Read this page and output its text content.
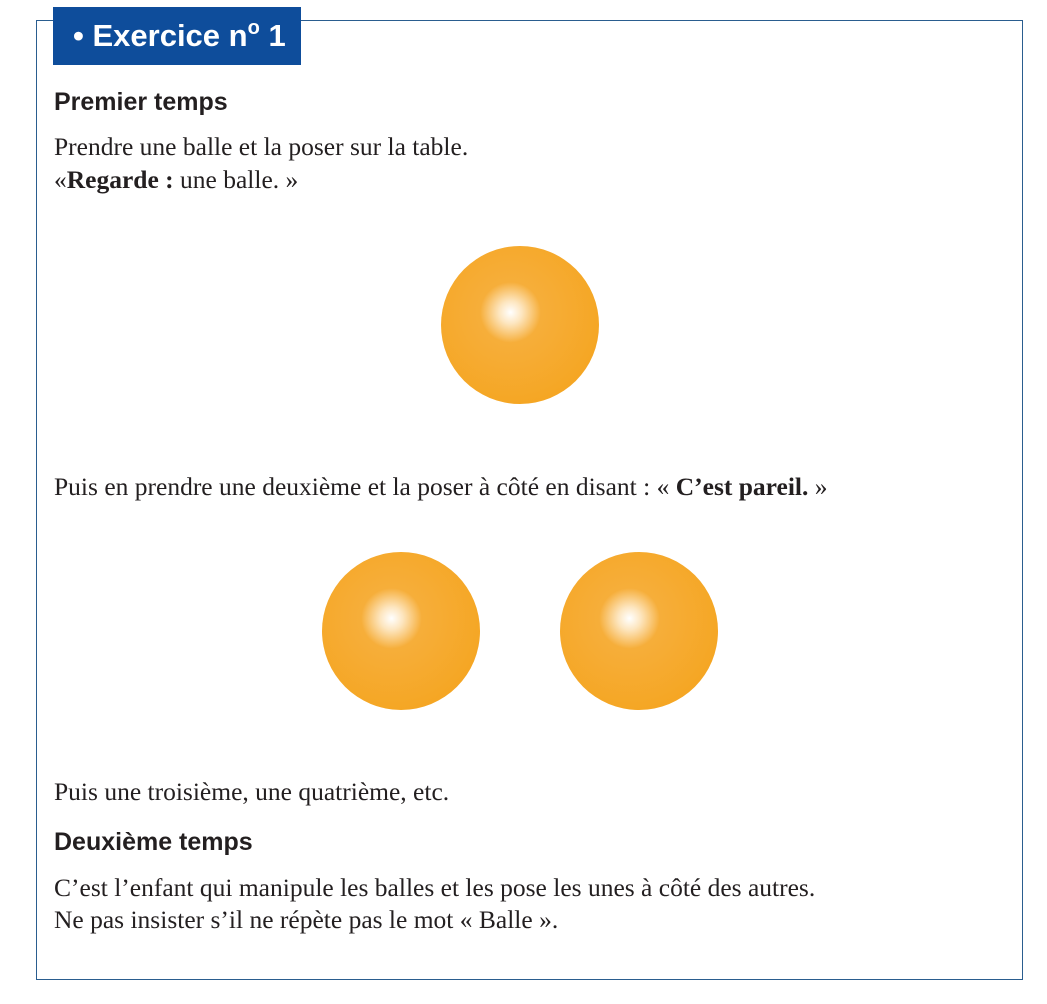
• Exercice $n^o$ 1

Premier temps

Prendre une balle et la poser sur la table.

«Regarde : une balle. »

Puis en prendre une deuxième et la poser à côté en disant : « C’est pareil. »

Puis une troisième, une quatrième, etc.

Deuxième temps

C’est l’enfant qui manipule les balles et les pose les unes à côté des autres.

Ne pas insister s’il ne répète pas le mot « Balle ».
